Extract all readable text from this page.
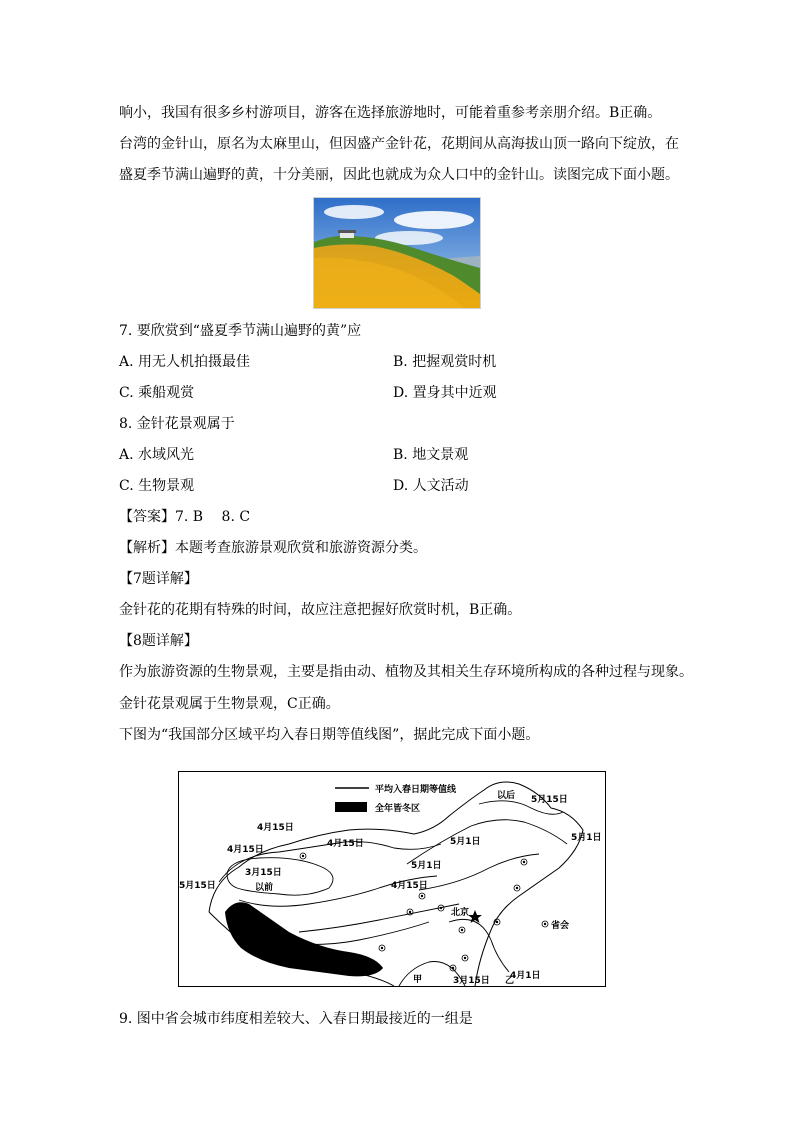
响小，我国有很多乡村游项目，游客在选择旅游地时，可能着重参考亲朋介绍。B正确。
台湾的金针山，原名为太麻里山，但因盛产金针花，花期间从高海拔山顶一路向下绽放，在
盛夏季节满山遍野的黄，十分美丽，因此也就成为众人口中的金针山。读图完成下面小题。
7. 要欣赏到“盛夏季节满山遍野的黄”应
A. 用无人机拍摄最佳	B. 把握观赏时机
C. 乘船观赏	D. 置身其中近观
8. 金针花景观属于
A. 水域风光	B. 地文景观
C. 生物景观	D. 人文活动
【答案】7. B　 8. C
【解析】本题考查旅游景观欣赏和旅游资源分类。
【7题详解】
金针花的花期有特殊的时间，故应注意把握好欣赏时机，B正确。
【8题详解】
作为旅游资源的生物景观，主要是指由动、植物及其相关生存环境所构成的各种过程与现象。
金针花景观属于生物景观，C正确。
下图为“我国部分区域平均入春日期等值线图”，据此完成下面小题。
平均入春日期等值线
全年皆冬区
以后 5月15日
5月1日
4月15日
4月15日
4月15日
5月15日
5月1日
5月1日
3月15日
以前	4月15日
北京
省会
甲	3月15日 乙
4月1日
9. 图中省会城市纬度相差较大、入春日期最接近的一组是
